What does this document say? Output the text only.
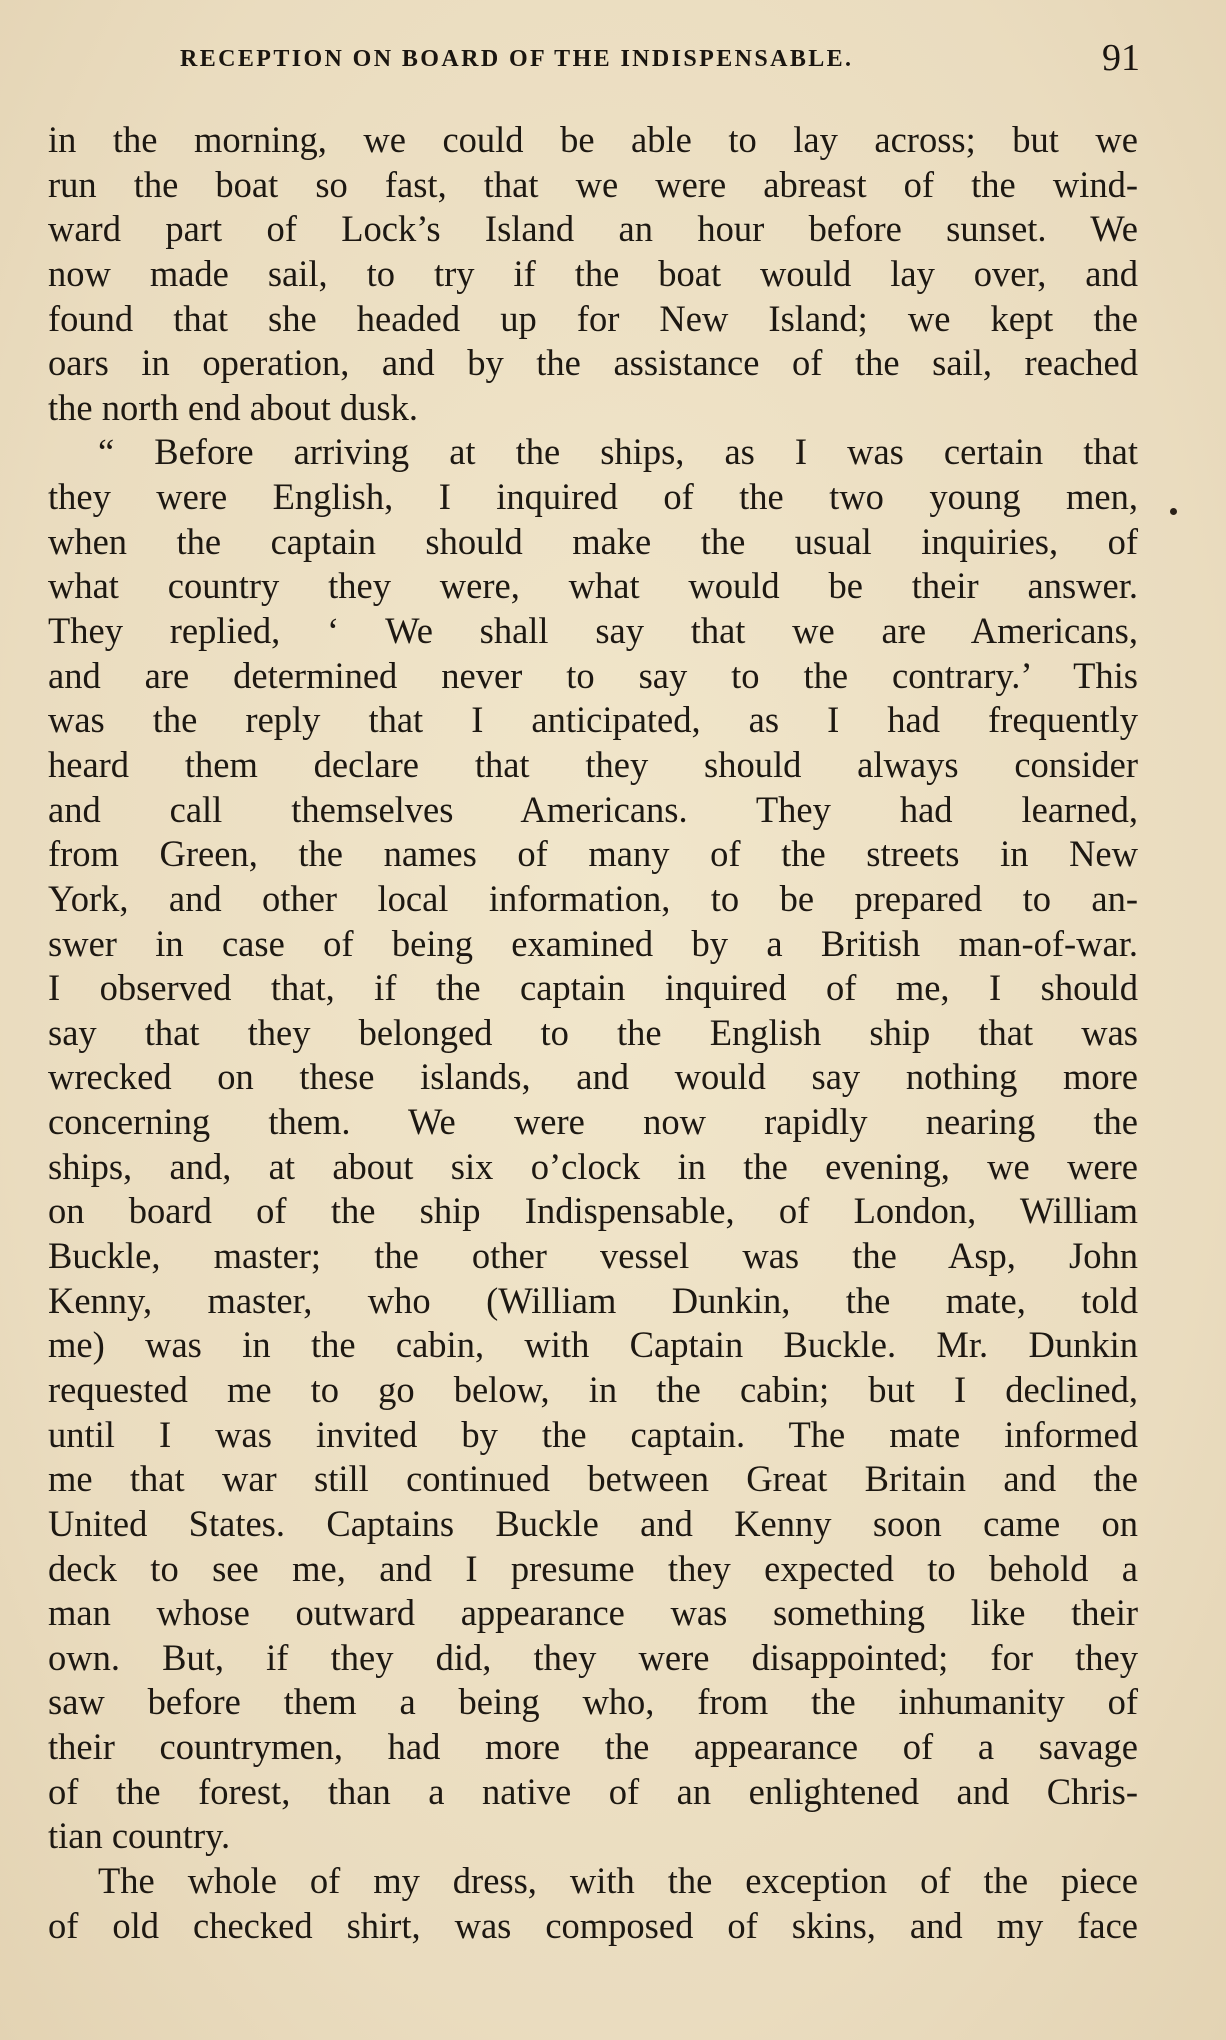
RECEPTION ON BOARD OF THE INDISPENSABLE.	91
in the morning, we could be able to lay across; but we
run the boat so fast, that we were abreast of the wind-
ward part of Lock’s Island an hour before sunset. We
now made sail, to try if the boat would lay over, and
found that she headed up for New Island; we kept the
oars in operation, and by the assistance of the sail, reached
the north end about dusk.
“ Before arriving at the ships, as I was certain that
they were English, I inquired of the two young men,
when the captain should make the usual inquiries, of
what country they were, what would be their answer.
They replied, ‘ We shall say that we are Americans,
and are determined never to say to the contrary.’ This
was the reply that I anticipated, as I had frequently
heard them declare that they should always consider
and call themselves Americans. They had learned,
from Green, the names of many of the streets in New
York, and other local information, to be prepared to an-
swer in case of being examined by a British man-of-war.
I observed that, if the captain inquired of me, I should
say that they belonged to the English ship that was
wrecked on these islands, and would say nothing more
concerning them. We were now rapidly nearing the
ships, and, at about six o’clock in the evening, we were
on board of the ship Indispensable, of London, William
Buckle, master; the other vessel was the Asp, John
Kenny, master, who (William Dunkin, the mate, told
me) was in the cabin, with Captain Buckle. Mr. Dunkin
requested me to go below, in the cabin; but I declined,
until I was invited by the captain. The mate informed
me that war still continued between Great Britain and the
United States. Captains Buckle and Kenny soon came on
deck to see me, and I presume they expected to behold a
man whose outward appearance was something like their
own. But, if they did, they were disappointed; for they
saw before them a being who, from the inhumanity of
their countrymen, had more the appearance of a savage
of the forest, than a native of an enlightened and Chris-
tian country.
The whole of my dress, with the exception of the piece
of old checked shirt, was composed of skins, and my face
